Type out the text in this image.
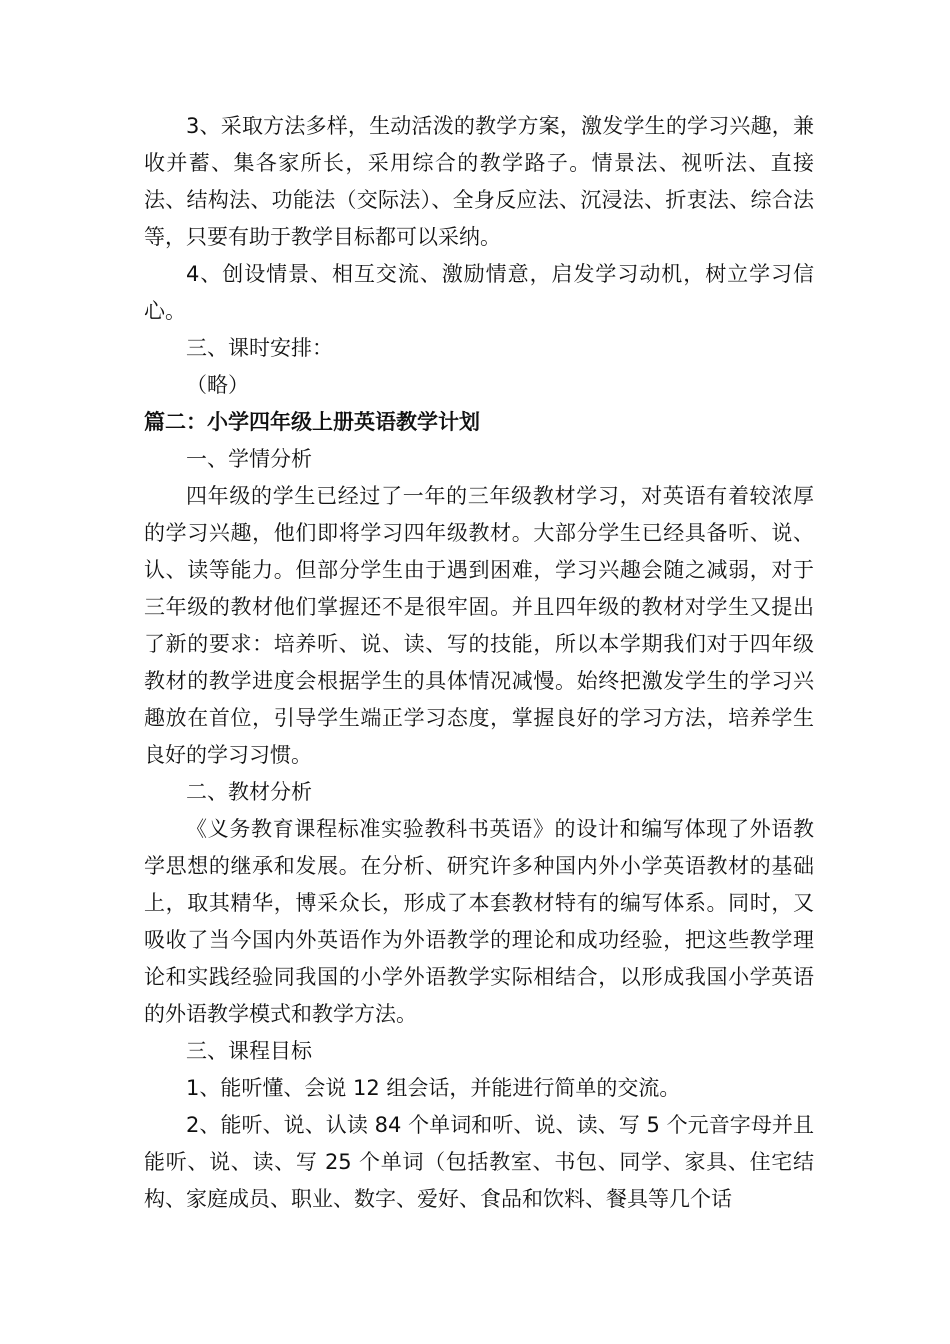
3、采取方法多样，生动活泼的教学方案，激发学生的学习兴趣，兼收并蓄、集各家所长，采用综合的教学路子。情景法、视听法、直接法、结构法、功能法（交际法）、全身反应法、沉浸法、折衷法、综合法等，只要有助于教学目标都可以采纳。

4、创设情景、相互交流、激励情意，启发学习动机，树立学习信心。

三、课时安排：

（略）

篇二：小学四年级上册英语教学计划

一、学情分析

四年级的学生已经过了一年的三年级教材学习，对英语有着较浓厚的学习兴趣，他们即将学习四年级教材。大部分学生已经具备听、说、认、读等能力。但部分学生由于遇到困难，学习兴趣会随之减弱，对于三年级的教材他们掌握还不是很牢固。并且四年级的教材对学生又提出了新的要求：培养听、说、读、写的技能，所以本学期我们对于四年级教材的教学进度会根据学生的具体情况减慢。始终把激发学生的学习兴趣放在首位，引导学生端正学习态度，掌握良好的学习方法，培养学生良好的学习习惯。

二、教材分析

《义务教育课程标准实验教科书英语》的设计和编写体现了外语教学思想的继承和发展。在分析、研究许多种国内外小学英语教材的基础上，取其精华，博采众长，形成了本套教材特有的编写体系。同时，又吸收了当今国内外英语作为外语教学的理论和成功经验，把这些教学理论和实践经验同我国的小学外语教学实际相结合，以形成我国小学英语的外语教学模式和教学方法。

三、课程目标

1、能听懂、会说 12 组会话，并能进行简单的交流。

2、能听、说、认读 84 个单词和听、说、读、写 5 个元音字母并且能听、说、读、写 25 个单词（包括教室、书包、同学、家具、住宅结构、家庭成员、职业、数字、爱好、食品和饮料、餐具等几个话
